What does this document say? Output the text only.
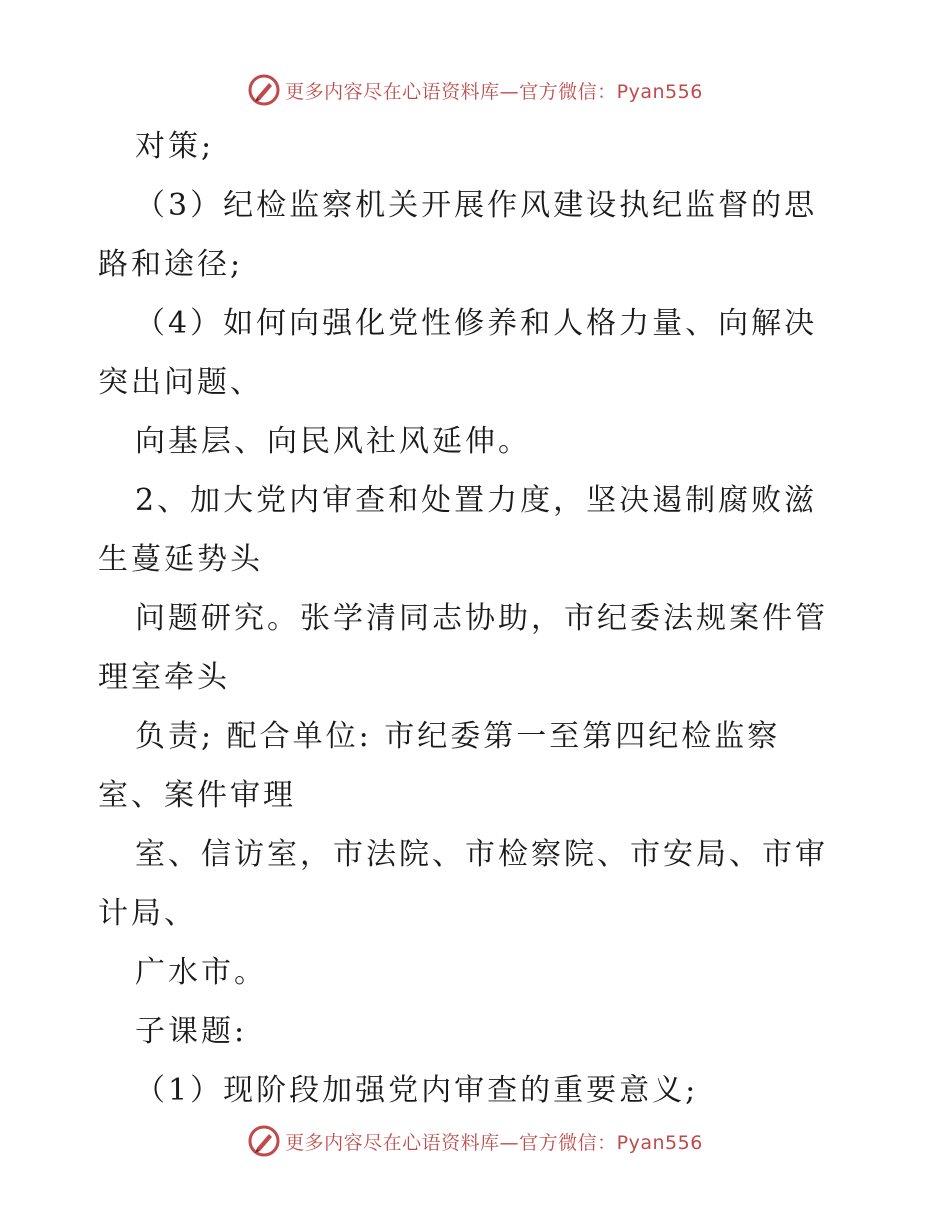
更多内容尽在心语资料库—官方微信：Pyan556
对策;
（3）纪检监察机关开展作风建设执纪监督的思
路和途径;
（4）如何向强化党性修养和人格力量、向解决
突出问题、
向基层、向民风社风延伸。
2、加大党内审查和处置力度，坚决遏制腐败滋
生蔓延势头
问题研究。张学清同志协助，市纪委法规案件管
理室牵头
负责; 配合单位: 市纪委第一至第四纪检监察
室、案件审理
室、信访室，市法院、市检察院、市安局、市审
计局、
广水市。
子课题:
（1）现阶段加强党内审查的重要意义;
更多内容尽在心语资料库—官方微信：Pyan556
